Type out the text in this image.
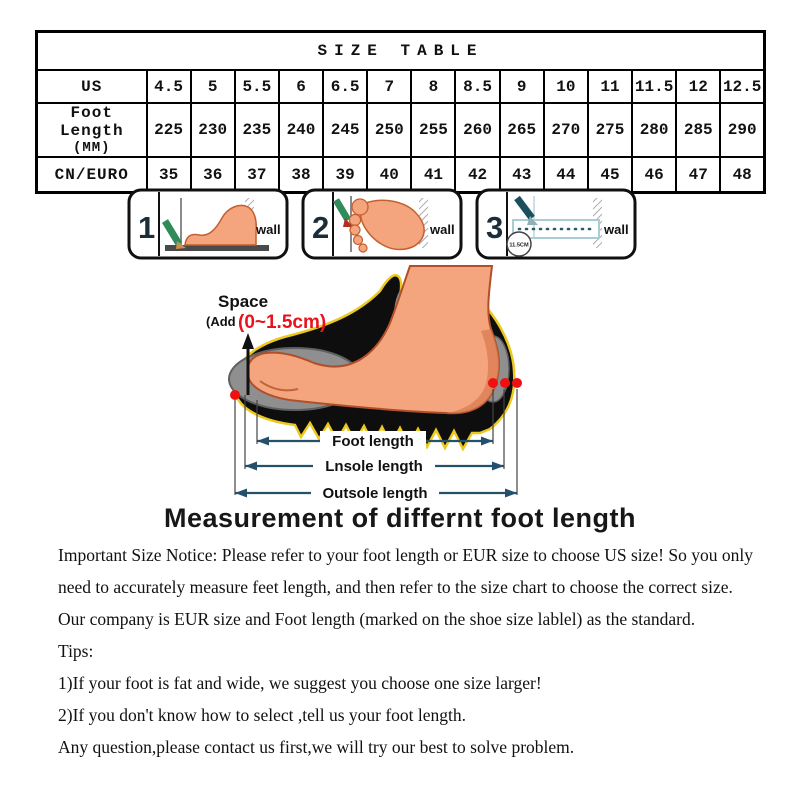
SIZE TABLE														
US	4.5	5	5.5	6	6.5	7	8	8.5	9	10	11	11.5	12	12.5

Foot Length
(MM)	225	230	235	240	245	250	255	260	265	270	275	280	285	290
CN/EURO	35	36	37	38	39	40	41	42	43	44	45	46	47	48
1	wall 2	wall 3
11.5CM
wall
Space
(Add (0~1.5cm)
Foot length
Lnsole length
Outsole length
Measurement of differnt foot length

Important Size Notice: Please refer to your foot length or EUR size to choose US size! So you only

need to accurately measure feet length, and then refer to the size chart to choose the correct size.

Our company is EUR size and Foot length (marked on the shoe size lablel) as the standard.

Tips:

1)If your foot is fat and wide, we suggest you choose one size larger!

2)If you don't know how to select ,tell us your foot length.

Any question,please contact us first,we will try our best to solve problem.
